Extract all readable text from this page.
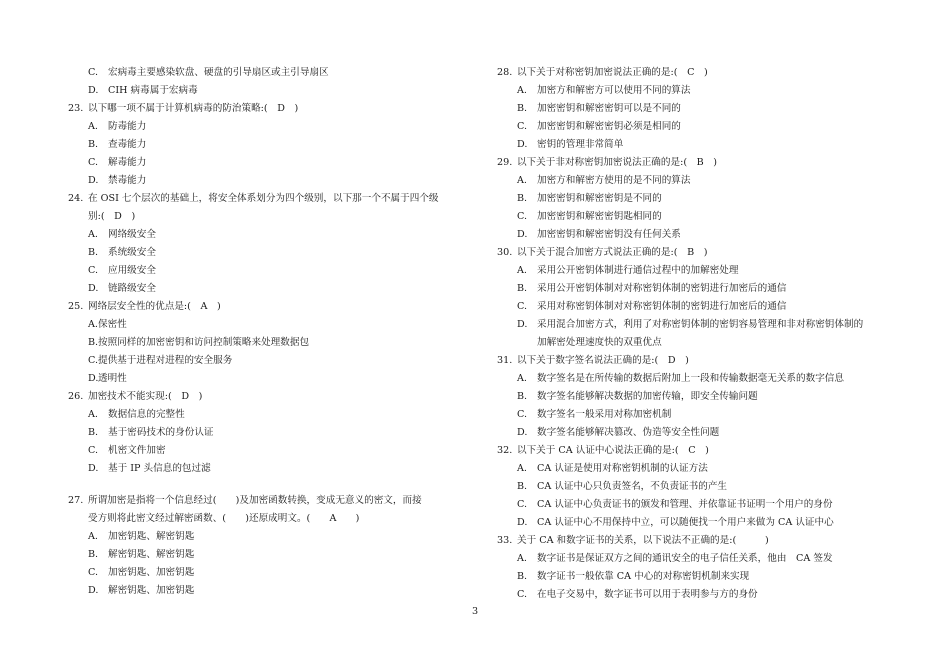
C. 宏病毒主要感染软盘、硬盘的引导扇区或主引导扇区
D. CIH 病毒属于宏病毒
23. 以下哪一项不属于计算机病毒的防治策略:(　D　)
A. 防毒能力
B. 查毒能力
C. 解毒能力
D. 禁毒能力
24. 在 OSI 七个层次的基础上，将安全体系划分为四个级别，以下那一个不属于四个级
别:(　D　)
A. 网络级安全
B. 系统级安全
C. 应用级安全
D. 链路级安全
25. 网络层安全性的优点是:(　A　)
A. 保密性
B. 按照同样的加密密钥和访问控制策略来处理数据包
C. 提供基于进程对进程的安全服务
D. 透明性
26. 加密技术不能实现:(　D　)
A. 数据信息的完整性
B. 基于密码技术的身份认证
C. 机密文件加密
D. 基于 IP 头信息的包过滤
27. 所谓加密是指将一个信息经过(　　)及加密函数转换，变成无意义的密文，而接
受方则将此密文经过解密函数、(　　)还原成明文。(　　A　　)
A. 加密钥匙、解密钥匙
B. 解密钥匙、解密钥匙
C. 加密钥匙、加密钥匙
D. 解密钥匙、加密钥匙
28. 以下关于对称密钥加密说法正确的是:(　C　)
A. 加密方和解密方可以使用不同的算法
B. 加密密钥和解密密钥可以是不同的
C. 加密密钥和解密密钥必须是相同的
D. 密钥的管理非常简单
29. 以下关于非对称密钥加密说法正确的是:(　B　)
A. 加密方和解密方使用的是不同的算法
B. 加密密钥和解密密钥是不同的
C. 加密密钥和解密密钥匙相同的
D. 加密密钥和解密密钥没有任何关系
30. 以下关于混合加密方式说法正确的是:(　B　)
A. 采用公开密钥体制进行通信过程中的加解密处理
B. 采用公开密钥体制对对称密钥体制的密钥进行加密后的通信
C. 采用对称密钥体制对对称密钥体制的密钥进行加密后的通信
D. 采用混合加密方式，利用了对称密钥体制的密钥容易管理和非对称密钥体制的
加解密处理速度快的双重优点
31. 以下关于数字签名说法正确的是:(　D　)
A. 数字签名是在所传输的数据后附加上一段和传输数据毫无关系的数字信息
B. 数字签名能够解决数据的加密传输，即安全传输问题
C. 数字签名一般采用对称加密机制
D. 数字签名能够解决篡改、伪造等安全性问题
32. 以下关于 CA 认证中心说法正确的是:(　C　)
A. CA 认证是使用对称密钥机制的认证方法
B. CA 认证中心只负责签名，不负责证书的产生
C. CA 认证中心负责证书的颁发和管理、并依靠证书证明一个用户的身份
D. CA 认证中心不用保持中立，可以随便找一个用户来做为 CA 认证中心
33. 关于 CA 和数字证书的关系，以下说法不正确的是:(　　　)
A. 数字证书是保证双方之间的通讯安全的电子信任关系，他由　CA 签发
B. 数字证书一般依靠 CA 中心的对称密钥机制来实现
C. 在电子交易中，数字证书可以用于表明参与方的身份
3
